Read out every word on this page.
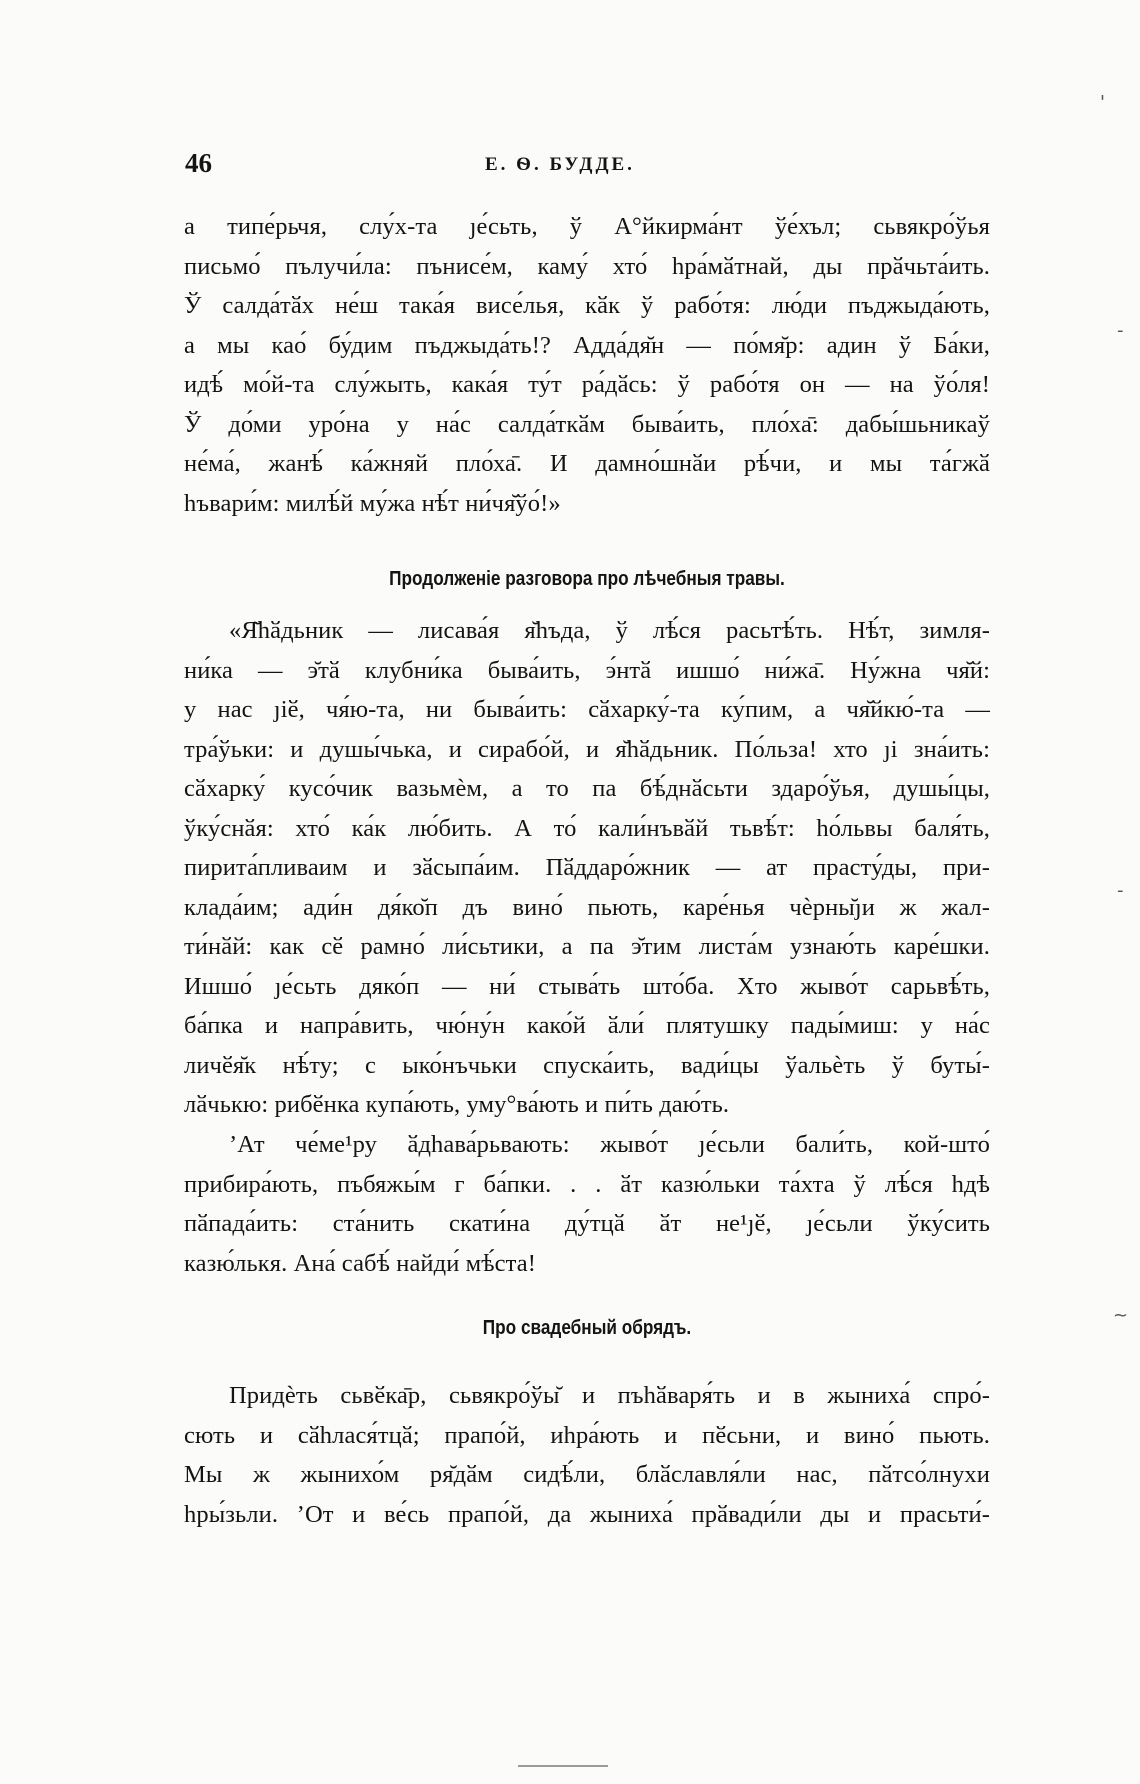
46	Е. Ѳ. БУДДЕ.
а типе́рьчя, слу́х-та ȷе́сьть, ў А°йкирма́нт ўе́хъл; сьвякро́ўья
письмо́ пълучи́ла: пънисе́м, каму́ хто́ һра́мӑтнай, ды прӑчьта́ить.
Ў салда́тӑх не́ш така́я висе́лья, кӑк ў рабо́тя: лю́ди пъджыда́ють,
а мы као́ бу́дим пъджыда́ть!? Адда́дя̆н — по́мя̆р: адин ў Ба́ки,
идѣ́ мо́й-та слу́жыть, кака́я ту́т ра́дӑсь: ў рабо́тя он — на ўо́ля!
Ў до́ми уро́на у на́с салда́ткӑм быва́ить, пло́ха̄: дабы́шьникаў
не́ма́, жанѣ́ ка́жняй пло́ха̄. И дамно́шнӑи рѣ́чи, и мы та́гжӑ
һъвари́м: милѣ́й му́жа нѣ́т ни́чя̆ўо́!»
Продолженіе разговора про лѣчебныя травы.
«Я̆һӑдьник — лисава́я я̆һъда, ў лѣ́ся расьтѣ́ть. Нѣ́т, зимля-
ни́ка — э̆тӑ клубни́ка быва́ить, э́нтӑ ишшо́ ни́жа̄. Ну́жна чя̆й:
у нас ȷіӗ, чя́ю-та, ни быва́ить: сӑхарку́-та ку́пим, а чя̆йкю́-та —
тра́ўьки: и душы́чька, и сирабо́й, и я̆һӑдьник. По́льза! хто ȷі зна́ить:
сӑхарку́ кусо́чик вазьмѐм, а то па бѣ́днӑсьти здаро́ўья, душы́цы,
ўку́снӑя: хто́ ка́к лю́бить. А то́ кали́нъвӑй тьвѣ́т: һо́львы баля́ть,
пирита́пливаим и зӑсыпа́им. Пӑддаро́жник — ат прасту́ды, при-
клада́им; ади́н дя́ко̆п дъ вино́ пьють, каре́нья чѐрны̆ȷи ж жал-
ти́нӑй: как сӗ рамно́ ли́сьтики, а па э̆тим листа́м узнаю́ть каре́шки.
Ишшо́ ȷе́сьть дяко́п — ни́ стыва́ть што́ба. Хто жыво́т сарьвѣ́ть,
ба́пка и напра́вить, чю́ну́н како́й ӑли́ плятушку пады́миш: у на́с
личӗя̆к нѣ́ту; с ыко́нъчьки спуска́ить, вади́цы ўальѐть ў буты́-
лӑчькю: рибӗнка купа́ють, уму°ва́ють и пи́ть даю́ть.
’Ат че́ме¹ру ӑдһава́рьвають: жыво́т ȷе́сьли бали́ть, кой-што́
прибира́ють, пъбяжы́м г ба́пки. . . ӑт казю́льки та́хта ў лѣ́ся һдѣ
пӑпада́ить: ста́нить скати́на ду́тцӑ ӑт не¹ȷӗ, ȷе́сьли ўку́сить
казю́лькя. Ана́ сабѣ́ найди́ мѣ́ста!
Про свадебный обрядъ.
Придѐть сьвӗка̄р, сьвякро́ўы̆ и пъһӑваря́ть и в жыниха́ спро́-
сють и сӑһлася́тцӑ; прапо́й, иһра́ють и пӗсьни, и вино́ пьють.
Мы ж жынихо́м ря̆дӑм сидѣ́ли, блӑславля́ли нас, пӑтсо́лнухи
һры́зьли. ’От и ве́сь прапо́й, да жыниха́ прӑвади́ли ды и прасьти́-
'
-
-
~
